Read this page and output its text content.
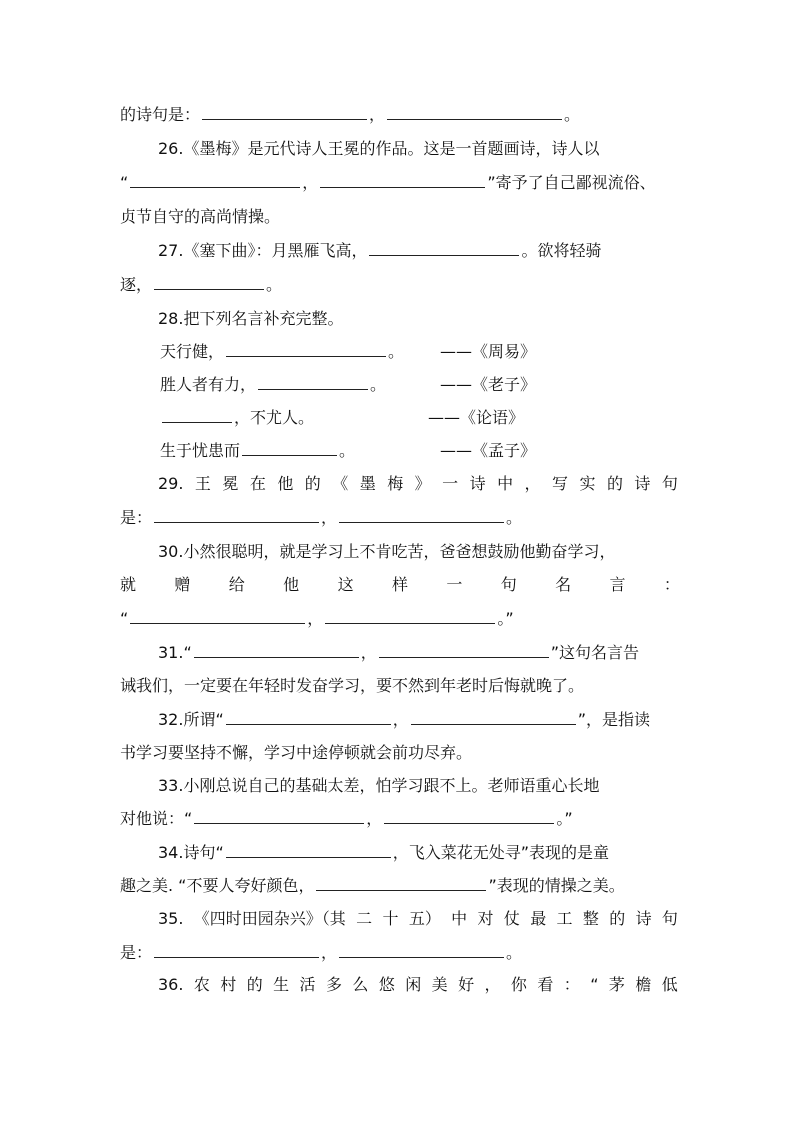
的诗句是：	，	。
26.《墨梅》是元代诗人王冕的作品。这是一首题画诗，诗人以
“	，	”寄予了自己鄙视流俗、
贞节自守的高尚情操。
27.《塞下曲》：月黑雁飞高，	。欲将轻骑
逐，	。
28.把下列名言补充完整。
天行健，	。 ——《周易》
胜人者有力，	。	——《老子》
，不尤人。	——《论语》
生于忧患而	。	——《孟子》
29. 王 冕 在 他 的 《 墨 梅 》 一 诗 中 ， 写 实 的 诗 句
是：	，	。
30.小然很聪明，就是学习上不肯吃苦，爸爸想鼓励他勤奋学习，
就 赠 给 他 这 样 一 句 名 言 ：
“	，	。”
31.“	，	”这句名言告
诫我们，一定要在年轻时发奋学习，要不然到年老时后悔就晚了。
32.所谓“	，	”，是指读
书学习要坚持不懈，学习中途停顿就会前功尽弃。
33.小刚总说自己的基础太差，怕学习跟不上。老师语重心长地
对他说：“	，	。”
34.诗句“	，飞入菜花无处寻”表现的是童
趣之美. “不要人夸好颜色，	”表现的情操之美。
35. 《四时田园杂兴》（其 二 十 五） 中 对 仗 最 工 整 的 诗 句
是：	，	。
36. 农 村 的 生 活 多 么 悠 闲 美 好 ， 你 看 ： “ 茅 檐 低
